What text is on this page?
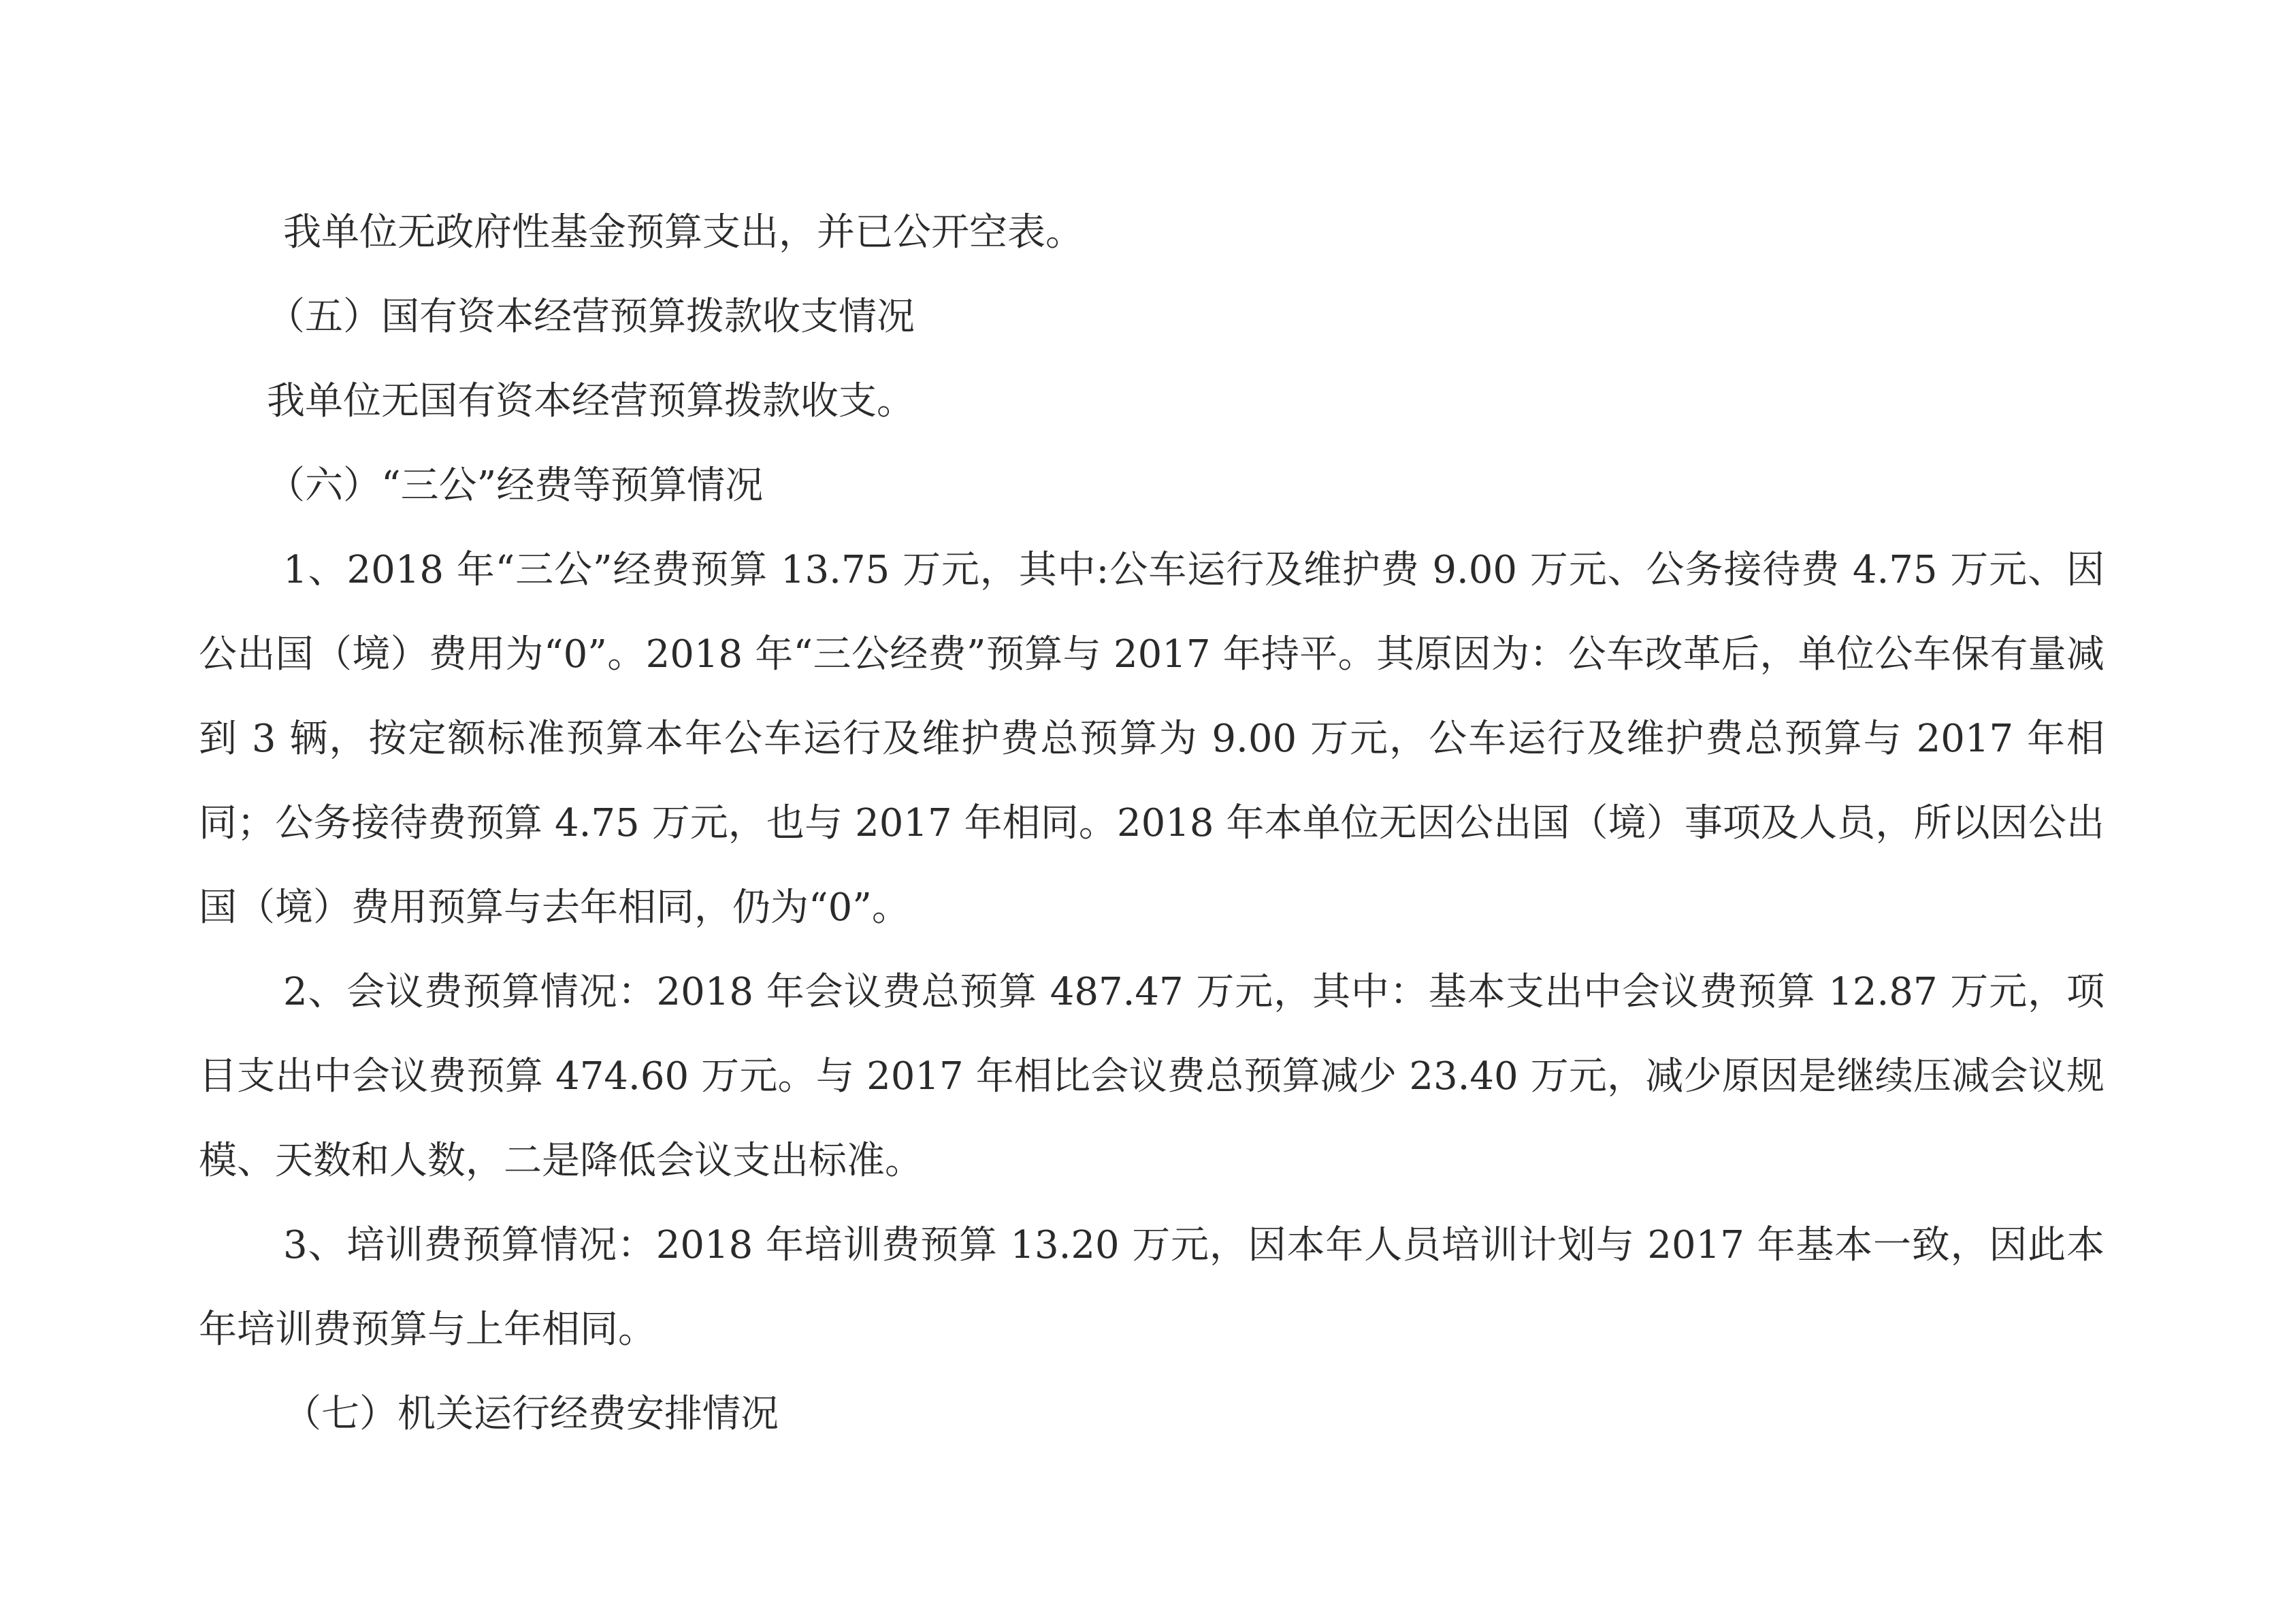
我单位无政府性基金预算支出，并已公开空表。

（五）国有资本经营预算拨款收支情况

我单位无国有资本经营预算拨款收支。

（六）“三公”经费等预算情况

1、2018 年“三公”经费预算 13.75 万元，其中:公车运行及维护费 9.00 万元、公务接待费 4.75 万元、因公出国（境）费用为“0”。2018 年“三公经费”预算与 2017 年持平。其原因为：公车改革后，单位公车保有量减到 3 辆，按定额标准预算本年公车运行及维护费总预算为 9.00 万元，公车运行及维护费总预算与 2017 年相同；公务接待费预算 4.75 万元，也与 2017 年相同。2018 年本单位无因公出国（境）事项及人员，所以因公出国（境）费用预算与去年相同，仍为“0”。

2、会议费预算情况：2018 年会议费总预算 487.47 万元，其中：基本支出中会议费预算 12.87 万元，项目支出中会议费预算 474.60 万元。与 2017 年相比会议费总预算减少 23.40 万元，减少原因是继续压减会议规模、天数和人数，二是降低会议支出标准。

3、培训费预算情况：2018 年培训费预算 13.20 万元，因本年人员培训计划与 2017 年基本一致，因此本年培训费预算与上年相同。

（七）机关运行经费安排情况
